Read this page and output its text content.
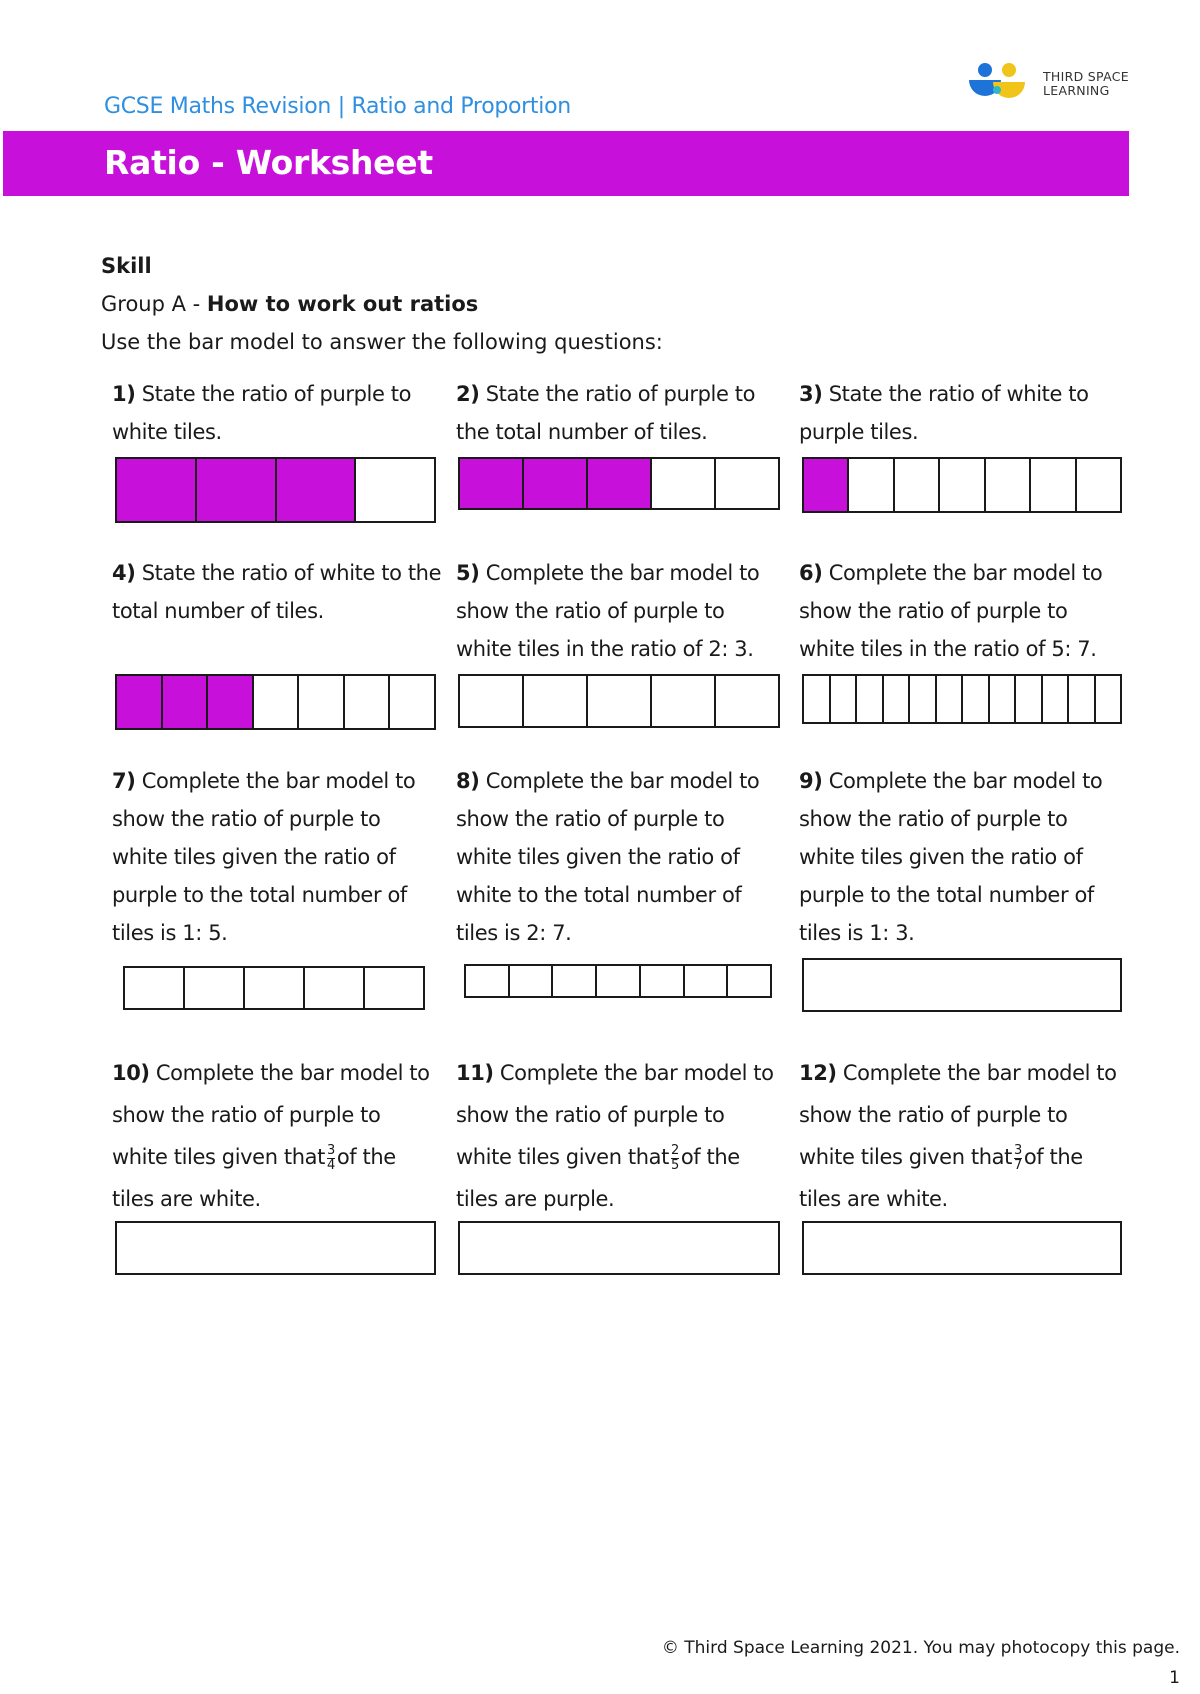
GCSE Maths Revision | Ratio and Proportion
THIRD SPACE LEARNING
Ratio - Worksheet
Skill
Group A - How to work out ratios
Use the bar model to answer the following questions:
1) State the ratio of purple to white tiles.
2) State the ratio of purple to the total number of tiles.
3) State the ratio of white to purple tiles.
4) State the ratio of white to the total number of tiles.
5) Complete the bar model to show the ratio of purple to white tiles in the ratio of 2: 3.
6) Complete the bar model to show the ratio of purple to white tiles in the ratio of 5: 7.
7) Complete the bar model to show the ratio of purple to white tiles given the ratio of purple to the total number of tiles is 1: 5.
8) Complete the bar model to show the ratio of purple to white tiles given the ratio of white to the total number of tiles is 2: 7.
9) Complete the bar model to show the ratio of purple to white tiles given the ratio of purple to the total number of tiles is 1: 3.
10) Complete the bar model to show the ratio of purple to white tiles given that $\frac{3}{4}$ of the tiles are white.
11) Complete the bar model to show the ratio of purple to white tiles given that $\frac{2}{5}$ of the tiles are purple.
12) Complete the bar model to show the ratio of purple to white tiles given that $\frac{3}{7}$ of the tiles are white.
© Third Space Learning 2021. You may photocopy this page.
1
